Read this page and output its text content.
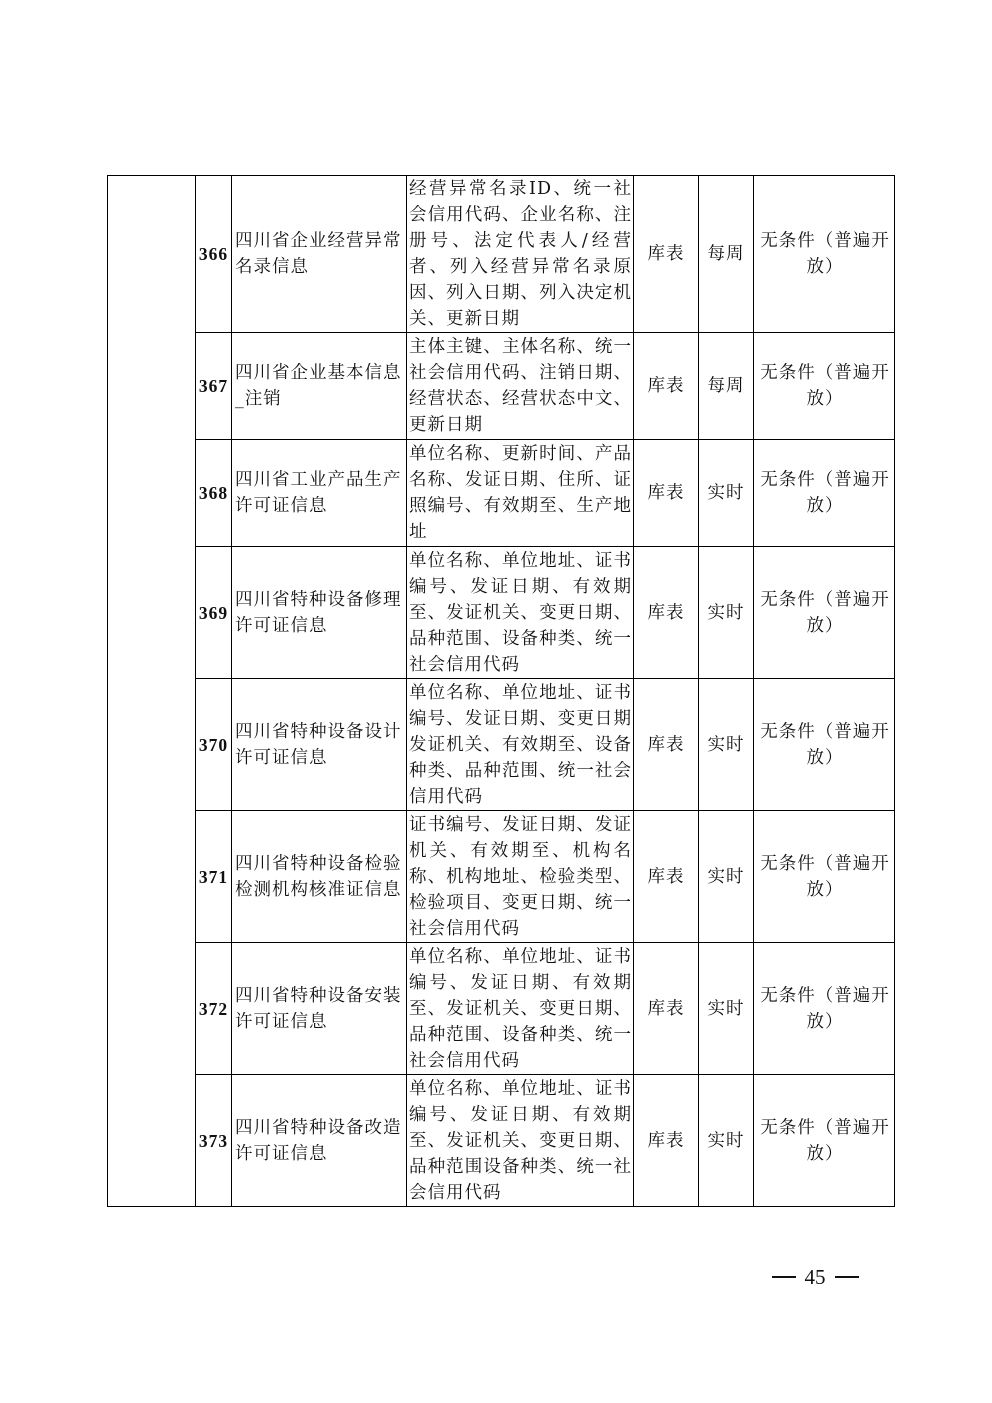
	366	四川省企业经营异常名录信息	经营异常名录ID、统一社会信用代码、企业名称、注册号、法定代表人/经营者、列入经营异常名录原因、列入日期、列入决定机关、更新日期	库表	每周	无条件（普遍开放）
	367	四川省企业基本信息_注销	主体主键、主体名称、统一社会信用代码、注销日期、经营状态、经营状态中文、更新日期	库表	每周	无条件（普遍开放）
	368	四川省工业产品生产许可证信息	单位名称、更新时间、产品名称、发证日期、住所、证照编号、有效期至、生产地址	库表	实时	无条件（普遍开放）
	369	四川省特种设备修理许可证信息	单位名称、单位地址、证书编号、发证日期、有效期至、发证机关、变更日期、品种范围、设备种类、统一社会信用代码	库表	实时	无条件（普遍开放）
	370	四川省特种设备设计许可证信息	单位名称、单位地址、证书编号、发证日期、变更日期发证机关、有效期至、设备种类、品种范围、统一社会信用代码	库表	实时	无条件（普遍开放）
	371	四川省特种设备检验检测机构核准证信息	证书编号、发证日期、发证机关、有效期至、机构名称、机构地址、检验类型、检验项目、变更日期、统一社会信用代码	库表	实时	无条件（普遍开放）
	372	四川省特种设备安装许可证信息	单位名称、单位地址、证书编号、发证日期、有效期至、发证机关、变更日期、品种范围、设备种类、统一社会信用代码	库表	实时	无条件（普遍开放）
	373	四川省特种设备改造许可证信息	单位名称、单位地址、证书编号、发证日期、有效期至、发证机关、变更日期、品种范围设备种类、统一社会信用代码	库表	实时	无条件（普遍开放）
45
